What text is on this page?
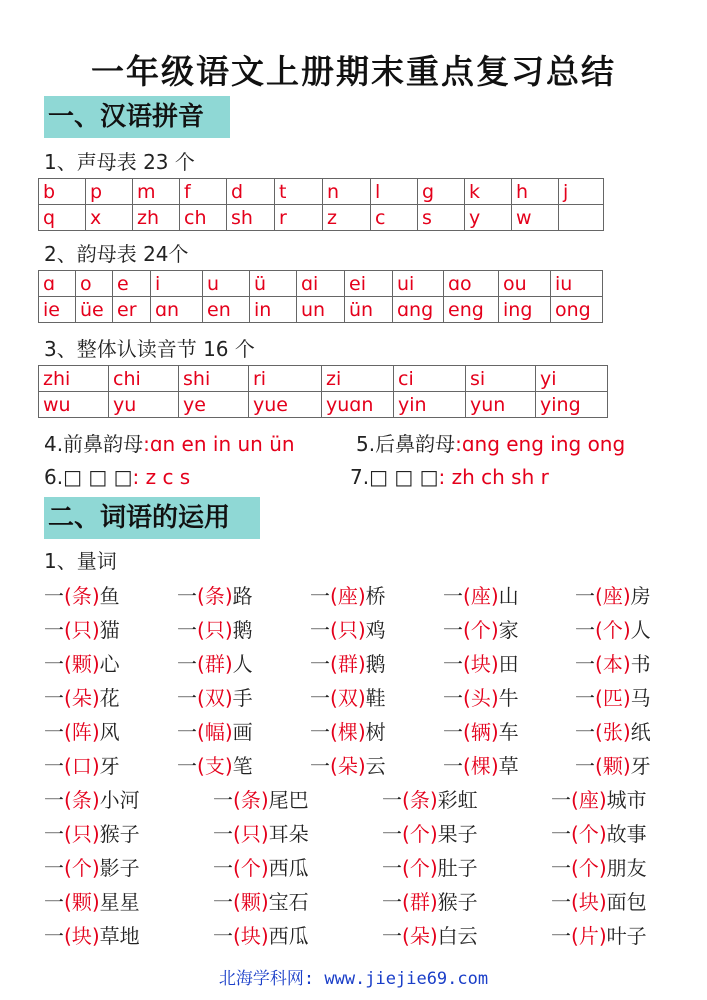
一年级语文上册期末重点复习总结
一、汉语拼音
1、声母表 23 个
b	p	m	f	d	t	n	l	g	k	h	j
q	x	zh	ch	sh	r	z	c	s	y	w	
2、韵母表 24个
ɑ	o	e	i	u	ü	ɑi	ei	ui	ɑo	ou	iu
ie	üe	er	ɑn	en	in	un	ün	ɑng	eng	ing	ong
3、整体认读音节 16 个
zhi	chi	shi	ri	zi	ci	si	yi
wu	yu	ye	yue	yuɑn	yin	yun	ying
4.前鼻韵母:ɑn en in un ün	5.后鼻韵母:ɑng eng ing ong
6.□ □ □: z c s	7.□ □ □: zh ch sh r
二、词语的运用
1、量词
一(条)鱼	一(条)路	一(座)桥	一(座)山	一(座)房
一(只)猫	一(只)鹅	一(只)鸡	一(个)家	一(个)人
一(颗)心	一(群)人	一(群)鹅	一(块)田	一(本)书
一(朵)花	一(双)手	一(双)鞋	一(头)牛	一(匹)马
一(阵)风	一(幅)画	一(棵)树	一(辆)车	一(张)纸
一(口)牙	一(支)笔	一(朵)云	一(棵)草	一(颗)牙
一(条)小河	一(条)尾巴	一(条)彩虹	一(座)城市
一(只)猴子	一(只)耳朵	一(个)果子	一(个)故事
一(个)影子	一(个)西瓜	一(个)肚子	一(个)朋友
一(颗)星星	一(颗)宝石	一(群)猴子	一(块)面包
一(块)草地	一(块)西瓜	一(朵)白云	一(片)叶子
北海学科网: www.jiejie69.com
